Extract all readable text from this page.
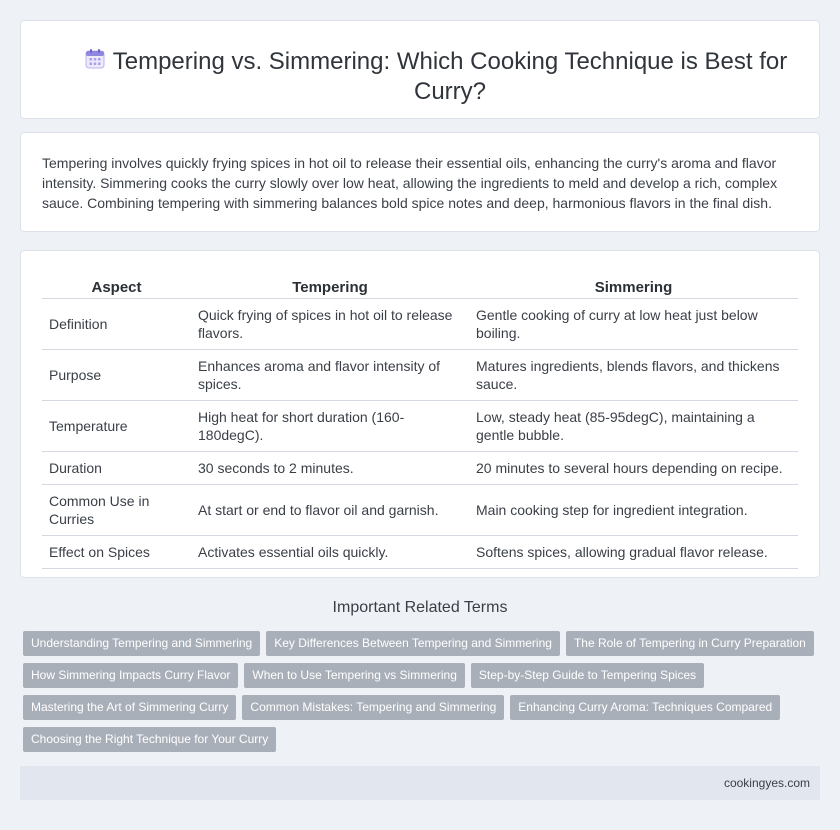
Tempering vs. Simmering: Which Cooking Technique is Best for Curry?

Tempering involves quickly frying spices in hot oil to release their essential oils, enhancing the curry's aroma and flavor intensity. Simmering cooks the curry slowly over low heat, allowing the ingredients to meld and develop a rich, complex sauce. Combining tempering with simmering balances bold spice notes and deep, harmonious flavors in the final dish.

Aspect	Tempering	Simmering
Definition	Quick frying of spices in hot oil to release flavors.	Gentle cooking of curry at low heat just below boiling.
Purpose	Enhances aroma and flavor intensity of spices.	Matures ingredients, blends flavors, and thickens sauce.
Temperature	High heat for short duration (160-180degC).	Low, steady heat (85-95degC), maintaining a gentle bubble.
Duration	30 seconds to 2 minutes.	20 minutes to several hours depending on recipe.
Common Use in Curries	At start or end to flavor oil and garnish.	Main cooking step for ingredient integration.
Effect on Spices	Activates essential oils quickly.	Softens spices, allowing gradual flavor release.
Important Related Terms
Understanding Tempering and Simmering	Key Differences Between Tempering and Simmering	The Role of Tempering in Curry Preparation
How Simmering Impacts Curry Flavor	When to Use Tempering vs Simmering	Step-by-Step Guide to Tempering Spices
Mastering the Art of Simmering Curry	Common Mistakes: Tempering and Simmering	Enhancing Curry Aroma: Techniques Compared
Choosing the Right Technique for Your Curry
cookingyes.com
